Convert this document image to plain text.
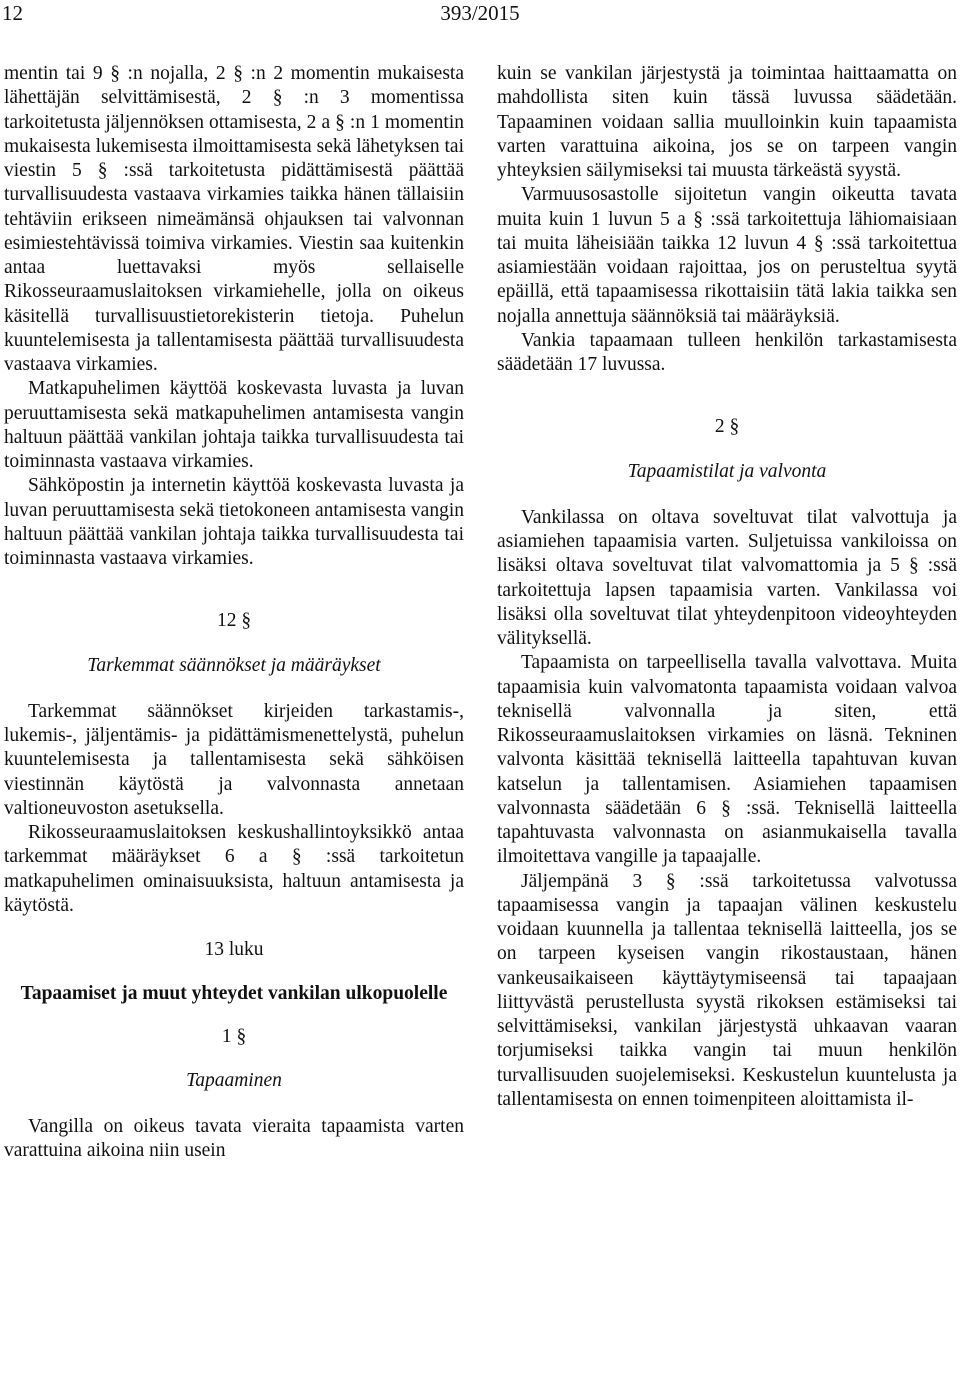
12	393/2015

mentin tai 9 § :n nojalla, 2 § :n 2 momentin mukaisesta lähettäjän selvittämisestä, 2 § :n 3 momentissa tarkoitetusta jäljennöksen ottamisesta, 2 a § :n 1 momentin mukaisesta lukemisesta ilmoittamisesta sekä lähetyksen tai viestin 5 § :ssä tarkoitetusta pidättämisestä päättää turvallisuudesta vastaava virkamies taikka hänen tällaisiin tehtäviin erikseen nimeämänsä ohjauksen tai valvonnan esimiestehtävissä toimiva virkamies. Viestin saa kuitenkin antaa luettavaksi myös sellaiselle Rikosseuraamuslaitoksen virkamiehelle, jolla on oikeus käsitellä turvallisuustietorekisterin tietoja. Puhelun kuuntelemisesta ja tallentamisesta päättää turvallisuudesta vastaava virkamies.

Matkapuhelimen käyttöä koskevasta luvasta ja luvan peruuttamisesta sekä matkapuhelimen antamisesta vangin haltuun päättää vankilan johtaja taikka turvallisuudesta tai toiminnasta vastaava virkamies.

Sähköpostin ja internetin käyttöä koskevasta luvasta ja luvan peruuttamisesta sekä tietokoneen antamisesta vangin haltuun päättää vankilan johtaja taikka turvallisuudesta tai toiminnasta vastaava virkamies.

12 §
Tarkemmat säännökset ja määräykset

Tarkemmat säännökset kirjeiden tarkastamis-, lukemis-, jäljentämis- ja pidättämismenettelystä, puhelun kuuntelemisesta ja tallentamisesta sekä sähköisen viestinnän käytöstä ja valvonnasta annetaan valtioneuvoston asetuksella.

Rikosseuraamuslaitoksen keskushallintoyksikkö antaa tarkemmat määräykset 6 a § :ssä tarkoitetun matkapuhelimen ominaisuuksista, haltuun antamisesta ja käytöstä.

13 luku
Tapaamiset ja muut yhteydet vankilan ulkopuolelle
1 §
Tapaaminen

Vangilla on oikeus tavata vieraita tapaamista varten varattuina aikoina niin usein

kuin se vankilan järjestystä ja toimintaa haittaamatta on mahdollista siten kuin tässä luvussa säädetään. Tapaaminen voidaan sallia muulloinkin kuin tapaamista varten varattuina aikoina, jos se on tarpeen vangin yhteyksien säilymiseksi tai muusta tärkeästä syystä.

Varmuusosastolle sijoitetun vangin oikeutta tavata muita kuin 1 luvun 5 a § :ssä tarkoitettuja lähiomaisiaan tai muita läheisiään taikka 12 luvun 4 § :ssä tarkoitettua asiamiestään voidaan rajoittaa, jos on perusteltua syytä epäillä, että tapaamisessa rikottaisiin tätä lakia taikka sen nojalla annettuja säännöksiä tai määräyksiä.

Vankia tapaamaan tulleen henkilön tarkastamisesta säädetään 17 luvussa.

2 §
Tapaamistilat ja valvonta

Vankilassa on oltava soveltuvat tilat valvottuja ja asiamiehen tapaamisia varten. Suljetuissa vankiloissa on lisäksi oltava soveltuvat tilat valvomattomia ja 5 § :ssä tarkoitettuja lapsen tapaamisia varten. Vankilassa voi lisäksi olla soveltuvat tilat yhteydenpitoon videoyhteyden välityksellä.

Tapaamista on tarpeellisella tavalla valvottava. Muita tapaamisia kuin valvomatonta tapaamista voidaan valvoa teknisellä valvonnalla ja siten, että Rikosseuraamuslaitoksen virkamies on läsnä. Tekninen valvonta käsittää teknisellä laitteella tapahtuvan kuvan katselun ja tallentamisen. Asiamiehen tapaamisen valvonnasta säädetään 6 § :ssä. Teknisellä laitteella tapahtuvasta valvonnasta on asianmukaisella tavalla ilmoitettava vangille ja tapaajalle.

Jäljempänä 3 § :ssä tarkoitetussa valvotussa tapaamisessa vangin ja tapaajan välinen keskustelu voidaan kuunnella ja tallentaa teknisellä laitteella, jos se on tarpeen kyseisen vangin rikostaustaan, hänen vankeusaikaiseen käyttäytymiseensä tai tapaajaan liittyvästä perustellusta syystä rikoksen estämiseksi tai selvittämiseksi, vankilan järjestystä uhkaavan vaaran torjumiseksi taikka vangin tai muun henkilön turvallisuuden suojelemiseksi. Keskustelun kuuntelusta ja tallentamisesta on ennen toimenpiteen aloittamista il-
